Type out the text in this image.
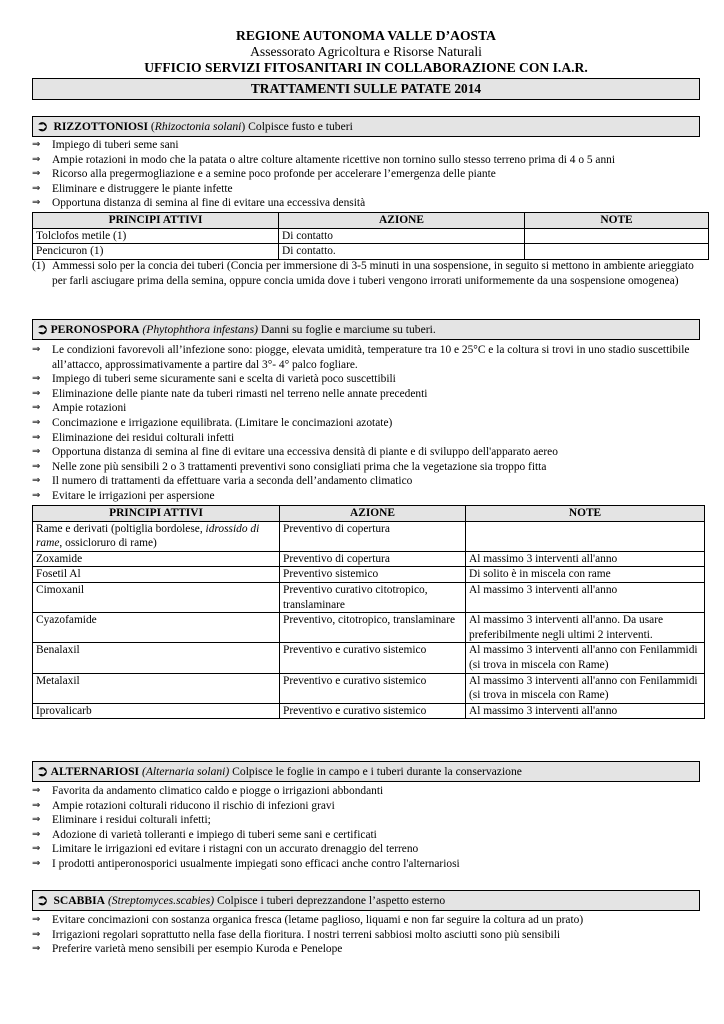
REGIONE AUTONOMA VALLE D’AOSTA
Assessorato Agricoltura e Risorse Naturali
UFFICIO SERVIZI FITOSANITARI IN COLLABORAZIONE CON I.A.R.
TRATTAMENTI SULLE PATATE 2014
➲ RIZZOTTONIOSI (Rhizoctonia solani) Colpisce fusto e tuberi
⇒ Impiego di tuberi seme sani
⇒ Ampie rotazioni in modo che la patata o altre colture altamente ricettive non tornino sullo stesso terreno prima di 4 o 5 anni
⇒ Ricorso alla pregermogliazione e a semine poco profonde per accelerare l’emergenza delle piante
⇒ Eliminare e distruggere le piante infette
⇒ Opportuna distanza di semina al fine di evitare una eccessiva densità
PRINCIPI ATTIVI	AZIONE	NOTE
Tolclofos metile (1)	Di contatto	
Pencicuron (1)	Di contatto.	
(1) Ammessi solo per la concia dei tuberi (Concia per immersione di 3-5 minuti in una sospensione, in seguito si mettono in ambiente arieggiato per farli asciugare prima della semina, oppure concia umida dove i tuberi vengono irrorati uniformemente da una sospensione omogenea)
➲ PERONOSPORA (Phytophthora infestans) Danni su foglie e marciume su tuberi.
⇒ Le condizioni favorevoli all’infezione sono: piogge, elevata umidità, temperature tra 10 e 25°C e la coltura si trovi in uno stadio suscettibile all’attacco, approssimativamente a partire dal 3°- 4° palco fogliare.
⇒ Impiego di tuberi seme sicuramente sani e scelta di varietà poco suscettibili
⇒ Eliminazione delle piante nate da tuberi rimasti nel terreno nelle annate precedenti
⇒ Ampie rotazioni
⇒ Concimazione e irrigazione equilibrata. (Limitare le concimazioni azotate)
⇒ Eliminazione dei residui colturali infetti
⇒ Opportuna distanza di semina al fine di evitare una eccessiva densità di piante e di sviluppo dell'apparato aereo
⇒ Nelle zone più sensibili 2 o 3 trattamenti preventivi sono consigliati prima che la vegetazione sia troppo fitta
⇒ Il numero di trattamenti da effettuare varia a seconda dell’andamento climatico
⇒ Evitare le irrigazioni per aspersione
PRINCIPI ATTIVI	AZIONE	NOTE
Rame e derivati (poltiglia bordolese, idrossido di rame, ossicloruro di rame)	Preventivo di copertura	
Zoxamide	Preventivo di copertura	Al massimo 3 interventi all'anno
Fosetil Al	Preventivo sistemico	Di solito è in miscela con rame
Cimoxanil	Preventivo curativo citotropico, translaminare	Al massimo 3 interventi all'anno
Cyazofamide	Preventivo, citotropico, translaminare	Al massimo 3 interventi all'anno. Da usare preferibilmente negli ultimi 2 interventi.
Benalaxil	Preventivo e curativo sistemico	Al massimo 3 interventi all'anno con Fenilammidi (si trova in miscela con Rame)
Metalaxil	Preventivo e curativo sistemico	Al massimo 3 interventi all'anno con Fenilammidi (si trova in miscela con Rame)
Iprovalicarb	Preventivo e curativo sistemico	Al massimo 3 interventi all'anno
➲ ALTERNARIOSI (Alternaria solani) Colpisce le foglie in campo e i tuberi durante la conservazione
⇒ Favorita da andamento climatico caldo e piogge o irrigazioni abbondanti
⇒ Ampie rotazioni colturali riducono il rischio di infezioni gravi
⇒ Eliminare i residui colturali infetti;
⇒ Adozione di varietà tolleranti e impiego di tuberi seme sani e certificati
⇒ Limitare le irrigazioni ed evitare i ristagni con un accurato drenaggio del terreno
⇒ I prodotti antiperonosporici usualmente impiegati sono efficaci anche contro l'alternariosi
➲ SCABBIA (Streptomyces.scabies) Colpisce i tuberi deprezzandone l’aspetto esterno
⇒ Evitare concimazioni con sostanza organica fresca (letame paglioso, liquami e non far seguire la coltura ad un prato)
⇒ Irrigazioni regolari soprattutto nella fase della fioritura. I nostri terreni sabbiosi molto asciutti sono più sensibili
⇒ Preferire varietà meno sensibili per esempio Kuroda e Penelope
